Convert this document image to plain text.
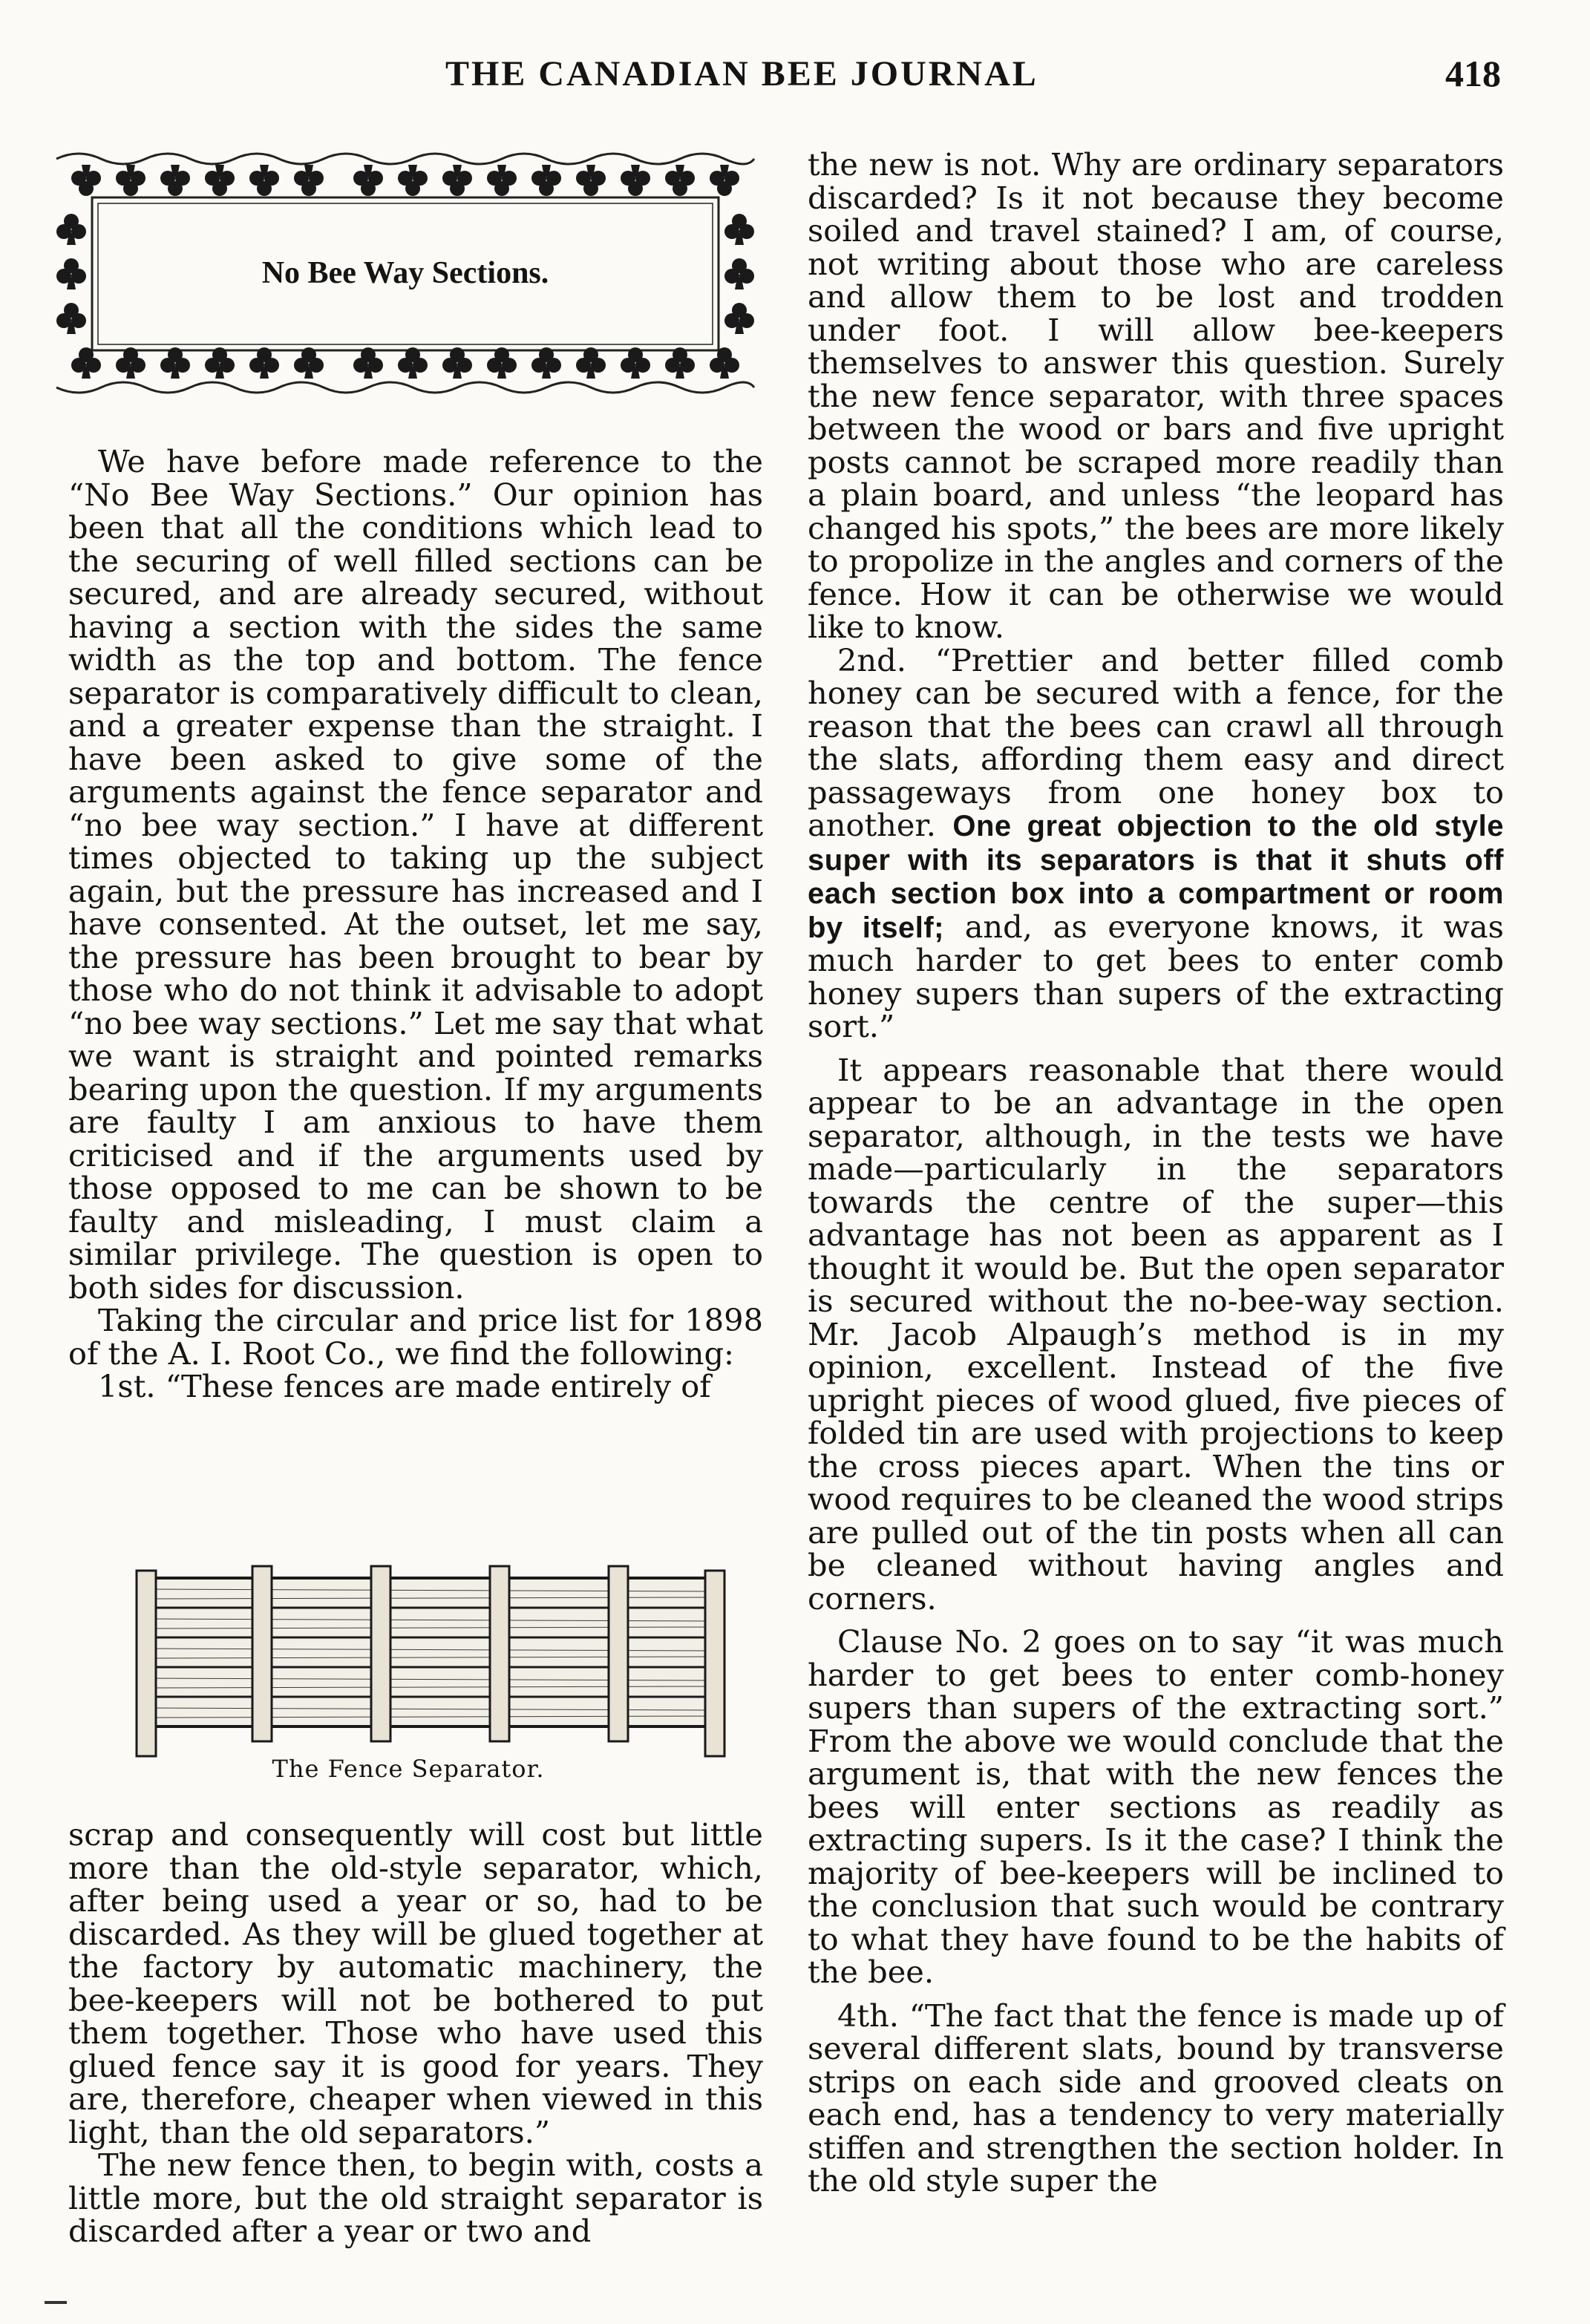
THE CANADIAN BEE JOURNAL	418
No Bee Way Sections.

We have before made reference to the “No Bee Way Sections.” Our opinion has been that all the conditions which lead to the securing of well filled sections can be secured, and are already secured, without having a section with the sides the same width as the top and bottom. The fence separator is comparatively difficult to clean, and a greater expense than the straight. I have been asked to give some of the arguments against the fence separator and “no bee way section.” I have at different times objected to taking up the subject again, but the pressure has increased and I have consented. At the outset, let me say, the pressure has been brought to bear by those who do not think it advisable to adopt “no bee way sections.” Let me say that what we want is straight and pointed remarks bearing upon the question. If my arguments are faulty I am anxious to have them criticised and if the arguments used by those opposed to me can be shown to be faulty and misleading, I must claim a similar privilege. The question is open to both sides for discussion.

Taking the circular and price list for 1898 of the A. I. Root Co., we find the following:

1st. “These fences are made entirely of

The Fence Separator.

scrap and consequently will cost but little more than the old-style separator, which, after being used a year or so, had to be discarded. As they will be glued together at the factory by automatic machinery, the bee-keepers will not be bothered to put them together. Those who have used this glued fence say it is good for years. They are, therefore, cheaper when viewed in this light, than the old separators.”

The new fence then, to begin with, costs a little more, but the old straight separator is discarded after a year or two and

the new is not. Why are ordinary separators discarded? Is it not because they become soiled and travel stained? I am, of course, not writing about those who are careless and allow them to be lost and trodden under foot. I will allow bee-keepers themselves to answer this question. Surely the new fence separator, with three spaces between the wood or bars and five upright posts cannot be scraped more readily than a plain board, and unless “the leopard has changed his spots,” the bees are more likely to propolize in the angles and corners of the fence. How it can be otherwise we would like to know.

2nd. “Prettier and better filled comb honey can be secured with a fence, for the reason that the bees can crawl all through the slats, affording them easy and direct passageways from one honey box to another. One great objection to the old style super with its separators is that it shuts off each section box into a compartment or room by itself; and, as everyone knows, it was much harder to get bees to enter comb honey supers than supers of the extracting sort.”

It appears reasonable that there would appear to be an advantage in the open separator, although, in the tests we have made—particularly in the separators towards the centre of the super—this advantage has not been as apparent as I thought it would be. But the open separator is secured without the no-bee-way section. Mr. Jacob Alpaugh’s method is in my opinion, excellent. Instead of the five upright pieces of wood glued, five pieces of folded tin are used with projections to keep the cross pieces apart. When the tins or wood requires to be cleaned the wood strips are pulled out of the tin posts when all can be cleaned without having angles and corners.

Clause No. 2 goes on to say “it was much harder to get bees to enter comb-honey supers than supers of the extracting sort.” From the above we would conclude that the argument is, that with the new fences the bees will enter sections as readily as extracting supers. Is it the case? I think the majority of bee-keepers will be inclined to the conclusion that such would be contrary to what they have found to be the habits of the bee.

4th. “The fact that the fence is made up of several different slats, bound by transverse strips on each side and grooved cleats on each end, has a tendency to very materially stiffen and strengthen the section holder. In the old style super the
